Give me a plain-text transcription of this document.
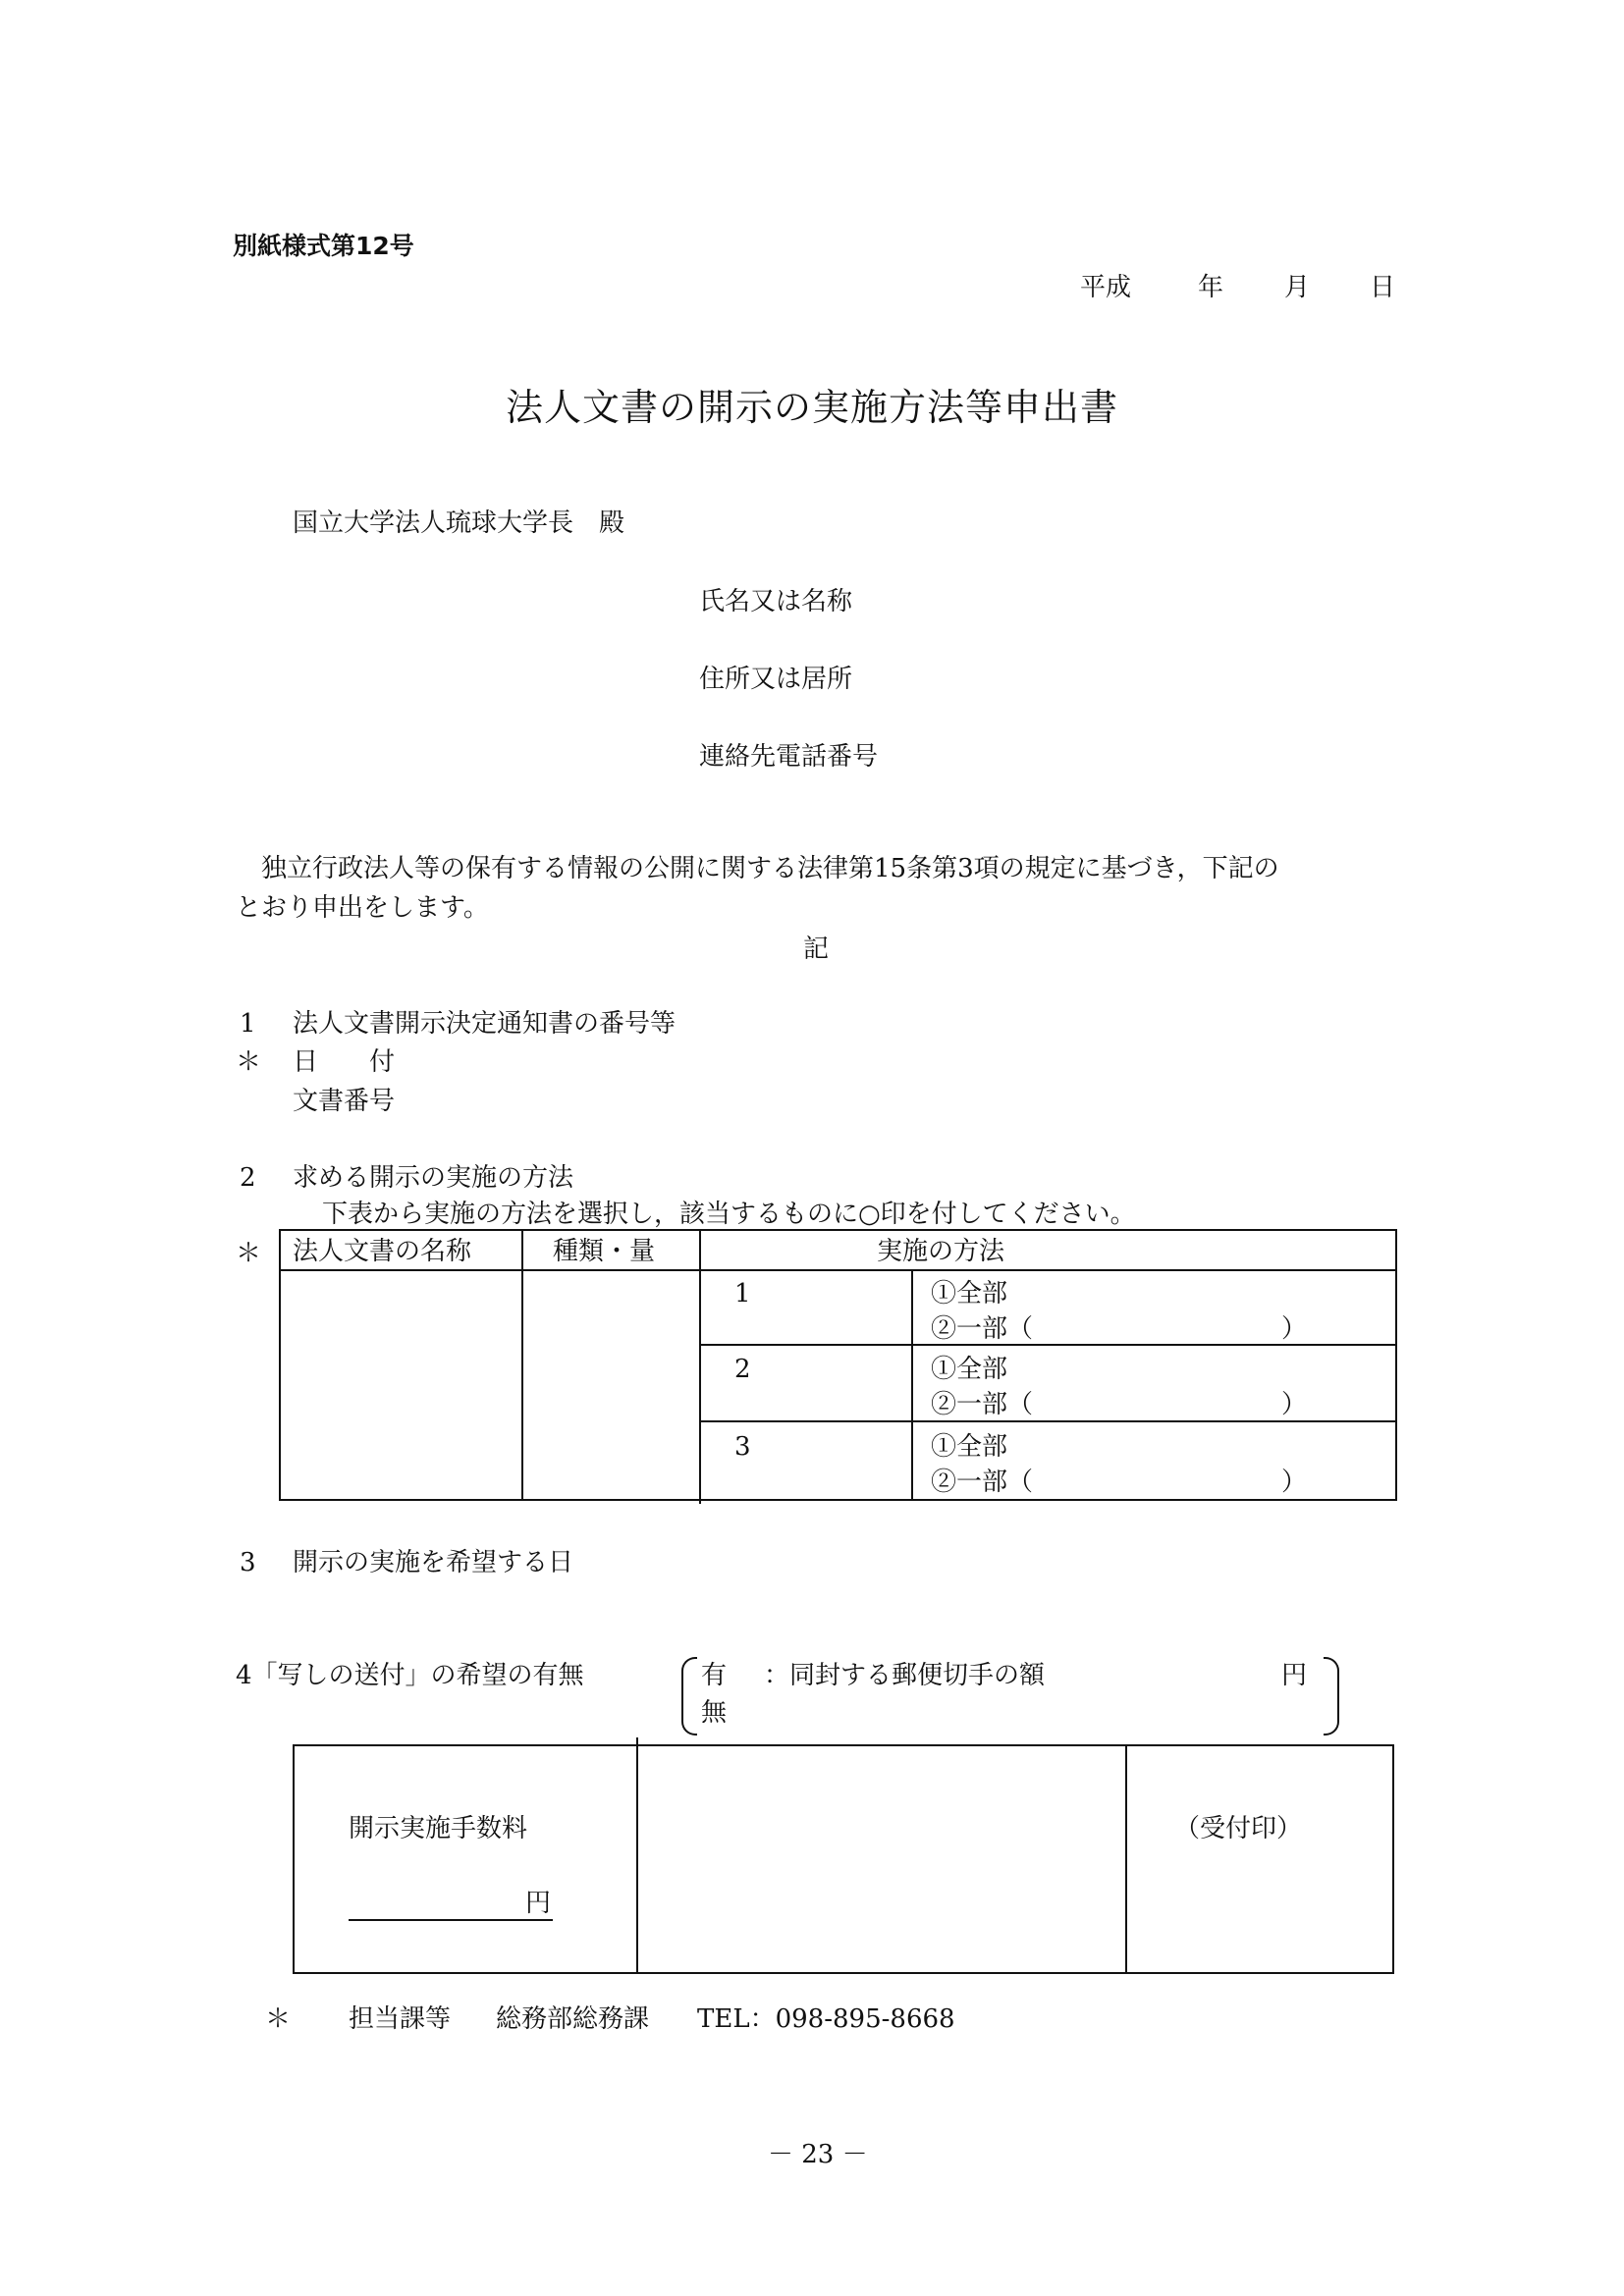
別紙様式第12号
平成	年 月 日
法人文書の開示の実施方法等申出書
国立大学法人琉球大学長　殿
氏名又は名称
住所又は居所
連絡先電話番号
独立行政法人等の保有する情報の公開に関する法律第15条第3項の規定に基づき，下記の
とおり申出をします。
記
1 法人文書開示決定通知書の番号等
＊ 日　　付
文書番号
2 求める開示の実施の方法
下表から実施の方法を選択し，該当するものに○印を付してください。
＊ 法人文書の名称	種類・量	実施の方法
1	①全部
②一部（	）
2	①全部
②一部（	）
3	①全部
②一部（	）
3 開示の実施を希望する日
4「写しの送付」の希望の有無	有 ：同封する郵便切手の額	円
無
開示実施手数料
円
（受付印）
＊ 担当課等 総務部総務課 TEL：098-895-8668
－ 23 －
